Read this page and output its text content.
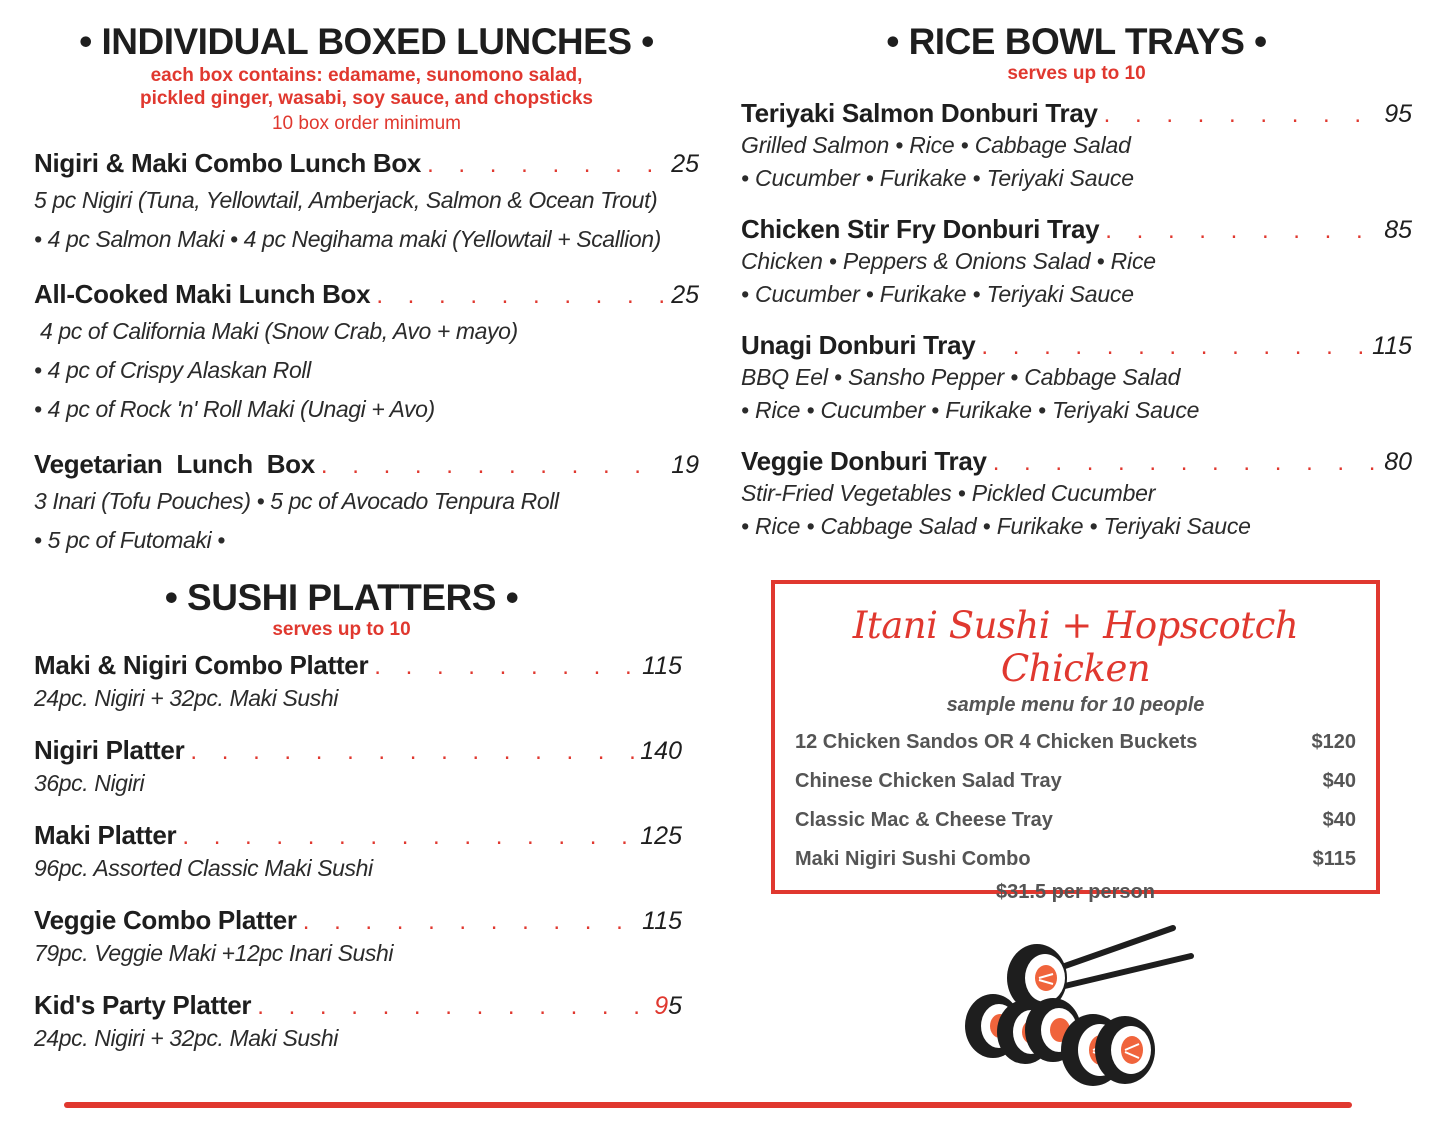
• INDIVIDUAL BOXED LUNCHES •
each box contains: edamame, sunomono salad,
pickled ginger, wasabi, soy sauce, and chopsticks
10 box order minimum
Nigiri & Maki Combo Lunch Box . . .	25
5 pc Nigiri (Tuna, Yellowtail, Amberjack, Salmon & Ocean Trout)
• 4 pc Salmon Maki • 4 pc Negihama maki (Yellowtail + Scallion)
All-Cooked Maki Lunch Box . . .	25
4 pc of California Maki (Snow Crab, Avo + mayo)
• 4 pc of Crispy Alaskan Roll
• 4 pc of Rock 'n' Roll Maki (Unagi + Avo)
Vegetarian  Lunch  Box . . .	19
3 Inari (Tofu Pouches) • 5 pc of Avocado Tenpura Roll
• 5 pc of Futomaki •
• SUSHI PLATTERS •
serves up to 10
Maki & Nigiri Combo Platter . . .	115
24pc. Nigiri + 32pc. Maki Sushi
Nigiri Platter . . .	140
36pc. Nigiri
Maki Platter . . .	125
96pc. Assorted Classic Maki Sushi
Veggie Combo Platter . . .	115
79pc. Veggie Maki +12pc Inari Sushi
Kid's Party Platter . . .	95
24pc. Nigiri + 32pc. Maki Sushi
• RICE BOWL TRAYS •
serves up to 10
Teriyaki Salmon Donburi Tray . . .	95
Grilled Salmon • Rice • Cabbage Salad
• Cucumber • Furikake • Teriyaki Sauce
Chicken Stir Fry Donburi Tray . . .	85
Chicken • Peppers & Onions Salad • Rice
• Cucumber • Furikake • Teriyaki Sauce
Unagi Donburi Tray . . .	115
BBQ Eel • Sansho Pepper • Cabbage Salad
• Rice • Cucumber • Furikake • Teriyaki Sauce
Veggie Donburi Tray . . .	80
Stir-Fried Vegetables • Pickled Cucumber
• Rice • Cabbage Salad • Furikake • Teriyaki Sauce
Itani Sushi + Hopscotch Chicken
sample menu for 10 people
12 Chicken Sandos OR 4 Chicken Buckets	$120
Chinese Chicken Salad Tray	$40
Classic Mac & Cheese Tray	$40
Maki Nigiri Sushi Combo	$115
$31.5 per person
